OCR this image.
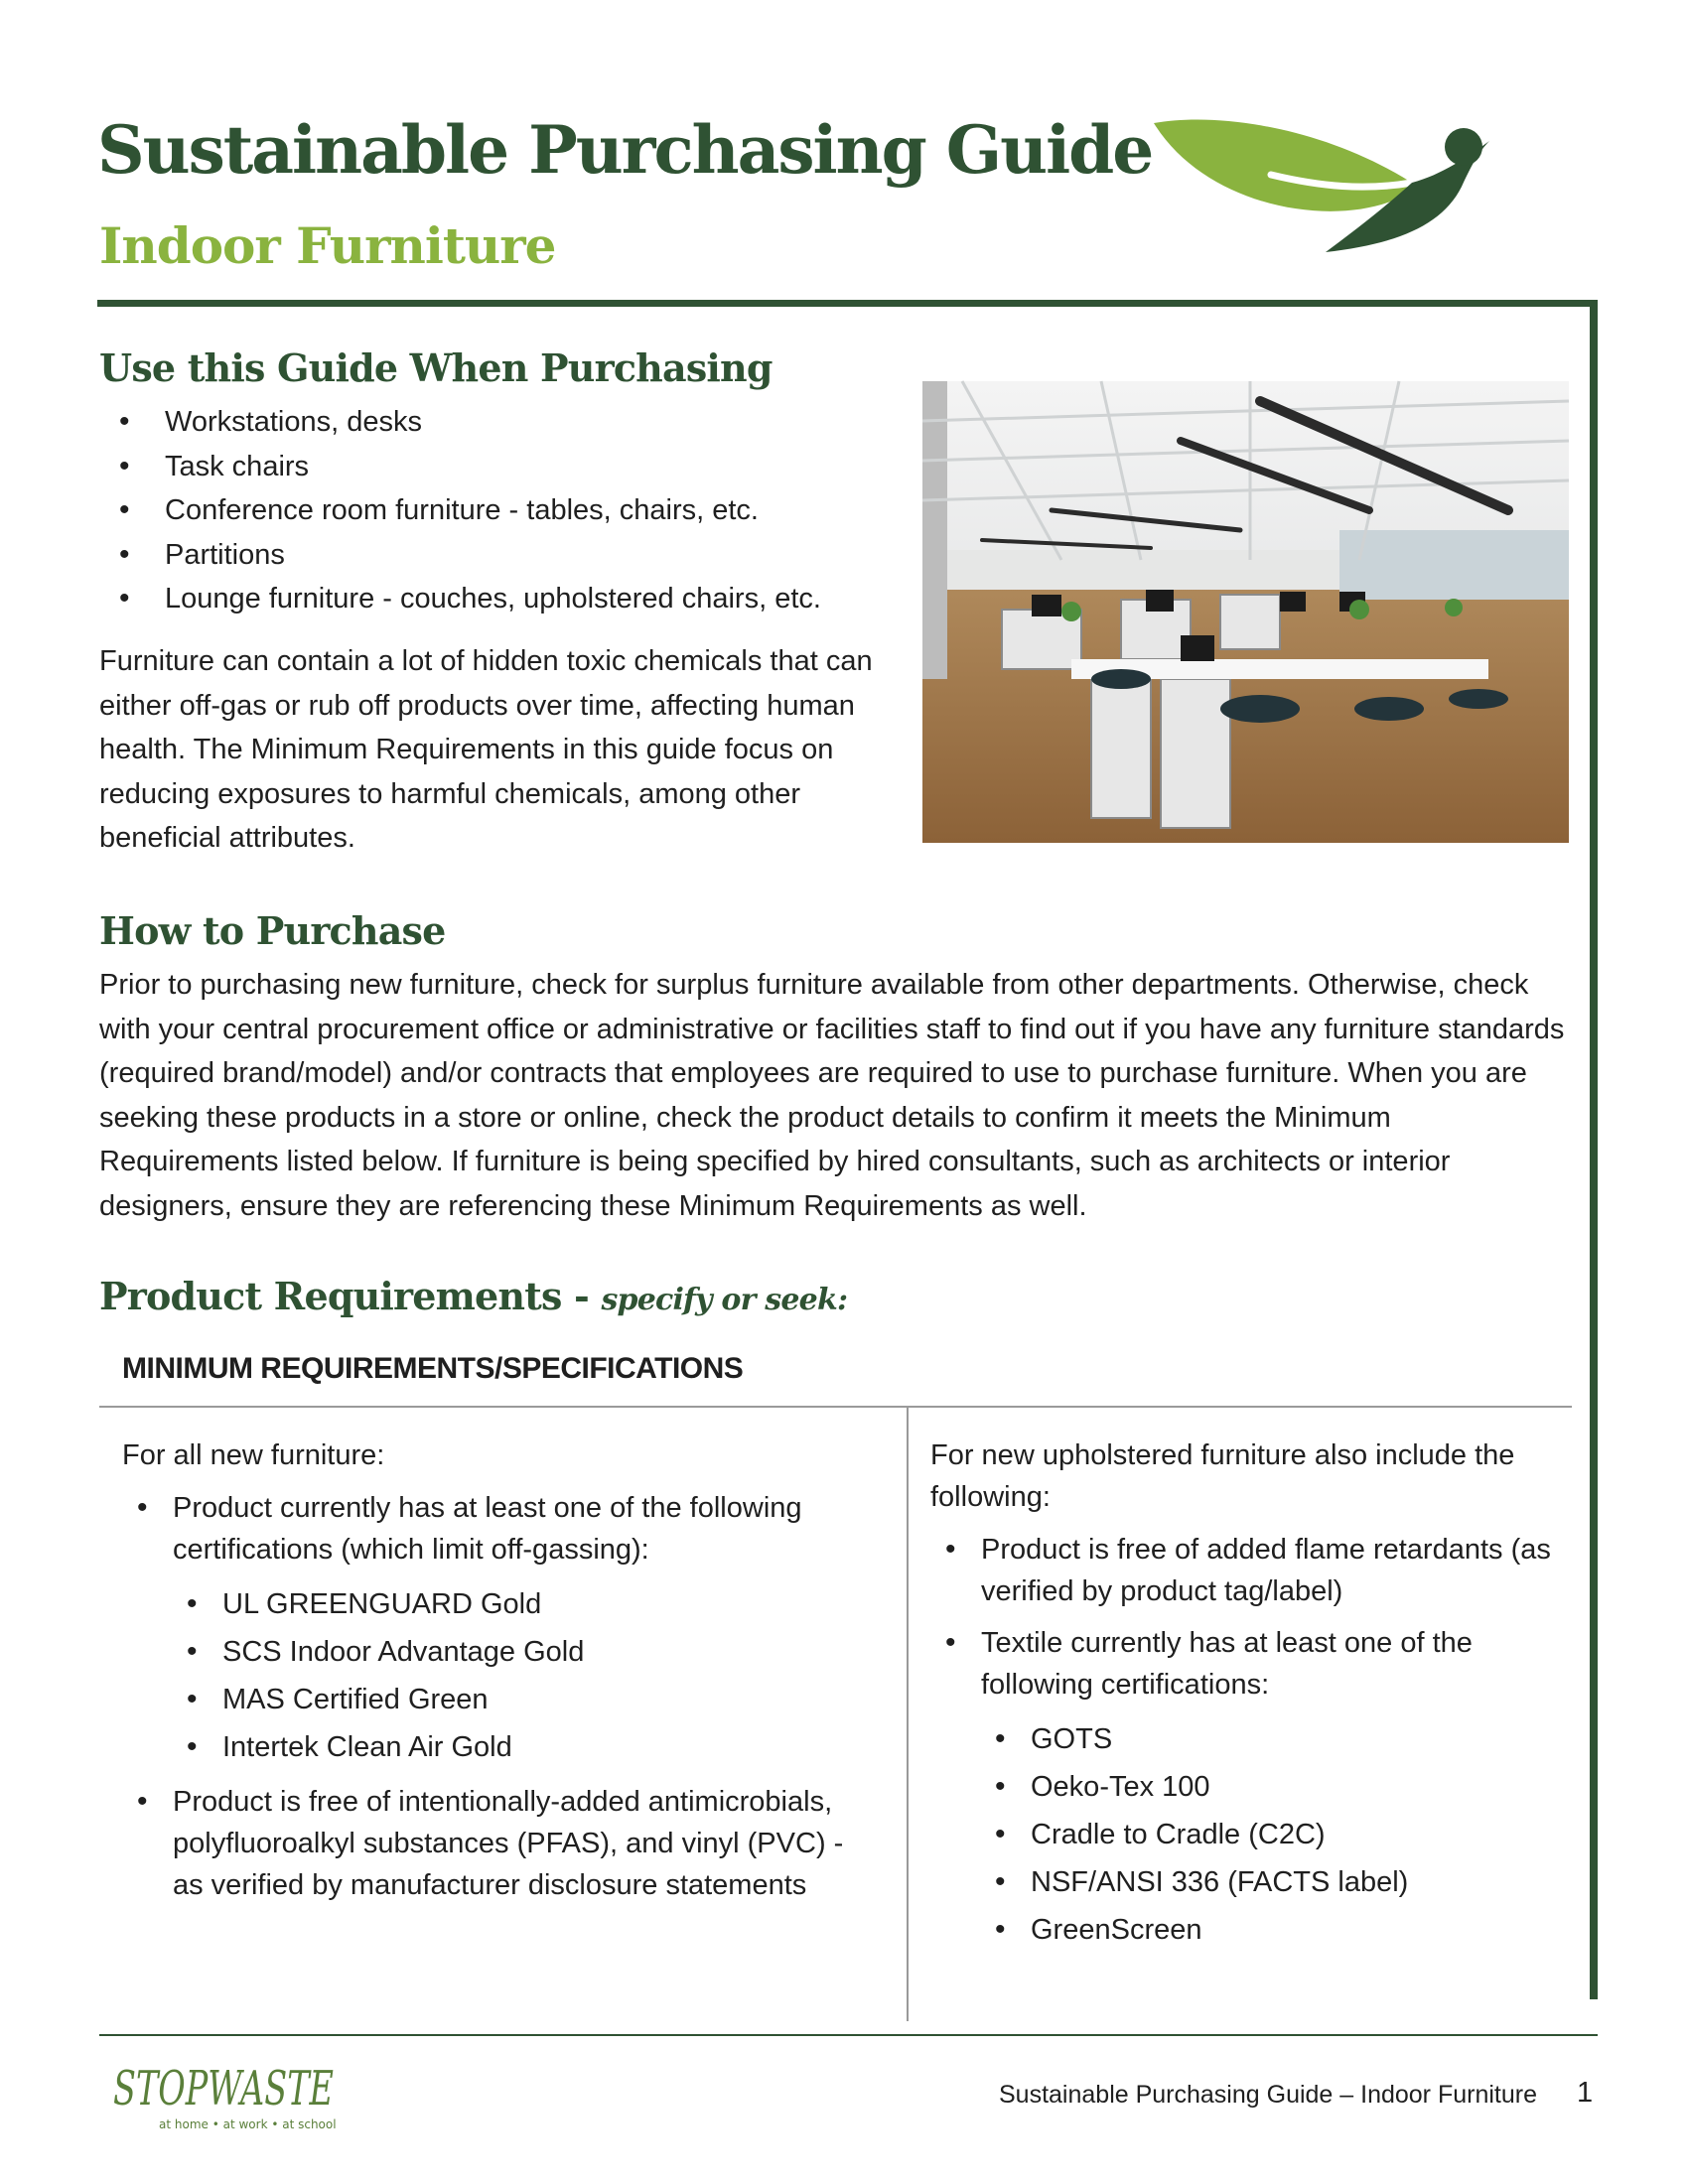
Sustainable Purchasing Guide
Indoor Furniture
Use this Guide When Purchasing
• Workstations, desks
• Task chairs
• Conference room furniture - tables, chairs, etc.
• Partitions
• Lounge furniture - couches, upholstered chairs, etc.

Furniture can contain a lot of hidden toxic chemicals that can either off-gas or rub off products over time, affecting human health. The Minimum Requirements in this guide focus on reducing exposures to harmful chemicals, among other beneficial attributes.

How to Purchase

Prior to purchasing new furniture, check for surplus furniture available from other departments. Otherwise, check with your central procurement office or administrative or facilities staff to find out if you have any furniture standards (required brand/model) and/or contracts that employees are required to use to purchase furniture. When you are seeking these products in a store or online, check the product details to confirm it meets the Minimum Requirements listed below. If furniture is being specified by hired consultants, such as architects or interior designers, ensure they are referencing these Minimum Requirements as well.

Product Requirements - specify or seek:

MINIMUM REQUIREMENTS/SPECIFICATIONS

For all new furniture:

• Product currently has at least one of the following certifications (which limit off-gassing):
• UL GREENGUARD Gold
• SCS Indoor Advantage Gold
• MAS Certified Green
• Intertek Clean Air Gold
• Product is free of intentionally-added antimicrobials, polyfluoroalkyl substances (PFAS), and vinyl (PVC) - as verified by manufacturer disclosure statements

For new upholstered furniture also include the following:

• Product is free of added flame retardants (as verified by product tag/label)
• Textile currently has at least one of the following certifications:
• GOTS
• Oeko-Tex 100
• Cradle to Cradle (C2C)
• NSF/ANSI 336 (FACTS label)
• GreenScreen
STOPWASTE
at home • at work • at school

Sustainable Purchasing Guide – Indoor Furniture 1
